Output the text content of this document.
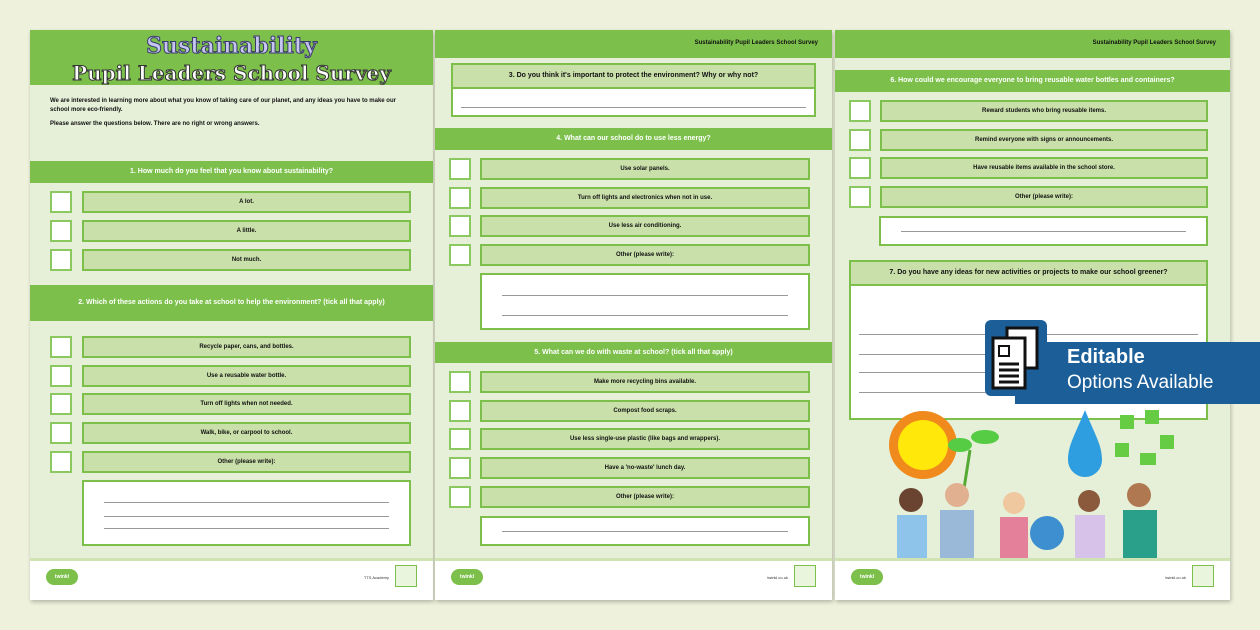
Sustainability
Pupil Leaders School Survey
We are interested in learning more about what you know of taking care of our planet, and any ideas you have to make our school more eco-friendly.
Please answer the questions below. There are no right or wrong answers.
1. How much do you feel that you know about sustainability?
A lot.
A little.
Not much.
2. Which of these actions do you take at school to help the environment? (tick all that apply)
Recycle paper, cans, and bottles.
Use a reusable water bottle.
Turn off lights when not needed.
Walk, bike, or carpool to school.
Other (please write):
twinkl	TTS Academy
Sustainability Pupil Leaders School Survey
3. Do you think it's important to protect the environment? Why or why not?
4. What can our school do to use less energy?
Use solar panels.
Turn off lights and electronics when not in use.
Use less air conditioning.
Other (please write):
5. What can we do with waste at school? (tick all that apply)
Make more recycling bins available.
Compost food scraps.
Use less single-use plastic (like bags and wrappers).
Have a 'no-waste' lunch day.
Other (please write):
twinkl	twinkl.co.uk
Sustainability Pupil Leaders School Survey
6. How could we encourage everyone to bring reusable water bottles and containers?
Reward students who bring reusable items.
Remind everyone with signs or announcements.
Have reusable items available in the school store.
Other (please write):
7. Do you have any ideas for new activities or projects to make our school greener?
twinkl	twinkl.co.uk
Editable
Options Available
